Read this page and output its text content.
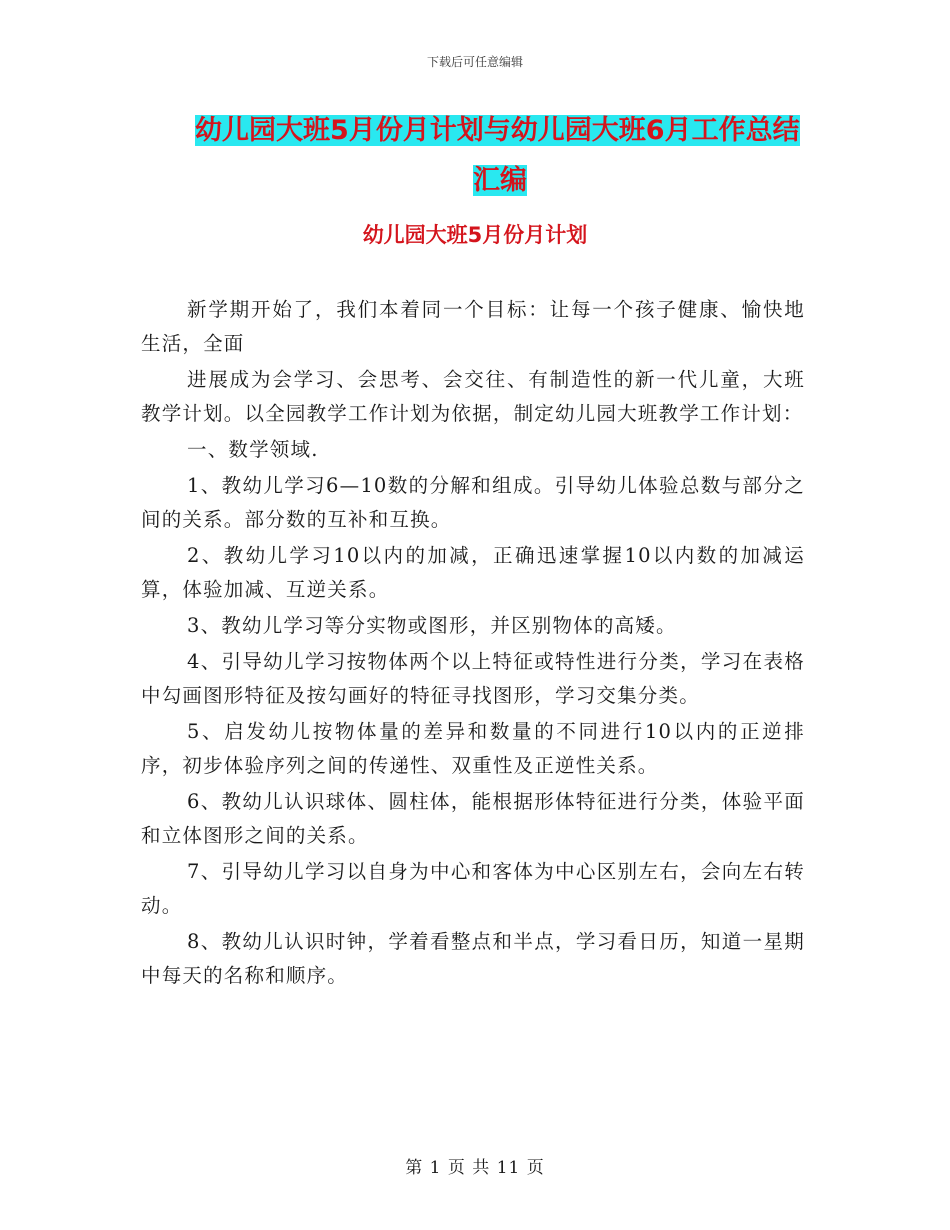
下载后可任意编辑
幼儿园大班5月份月计划与幼儿园大班6月工作总结
汇编
幼儿园大班5月份月计划

新学期开始了，我们本着同一个目标：让每一个孩子健康、愉快地生活，全面

进展成为会学习、会思考、会交往、有制造性的新一代儿童，大班教学计划。以全园教学工作计划为依据，制定幼儿园大班教学工作计划：

一、数学领域.

1、教幼儿学习6—10数的分解和组成。引导幼儿体验总数与部分之间的关系。部分数的互补和互换。

2、教幼儿学习10以内的加减，正确迅速掌握10以内数的加减运算，体验加减、互逆关系。

3、教幼儿学习等分实物或图形，并区别物体的高矮。

4、引导幼儿学习按物体两个以上特征或特性进行分类，学习在表格中勾画图形特征及按勾画好的特征寻找图形，学习交集分类。

5、启发幼儿按物体量的差异和数量的不同进行10以内的正逆排序，初步体验序列之间的传递性、双重性及正逆性关系。

6、教幼儿认识球体、圆柱体，能根据形体特征进行分类，体验平面和立体图形之间的关系。

7、引导幼儿学习以自身为中心和客体为中心区别左右，会向左右转动。

8、教幼儿认识时钟，学着看整点和半点，学习看日历，知道一星期中每天的名称和顺序。

第 1 页 共 11 页
